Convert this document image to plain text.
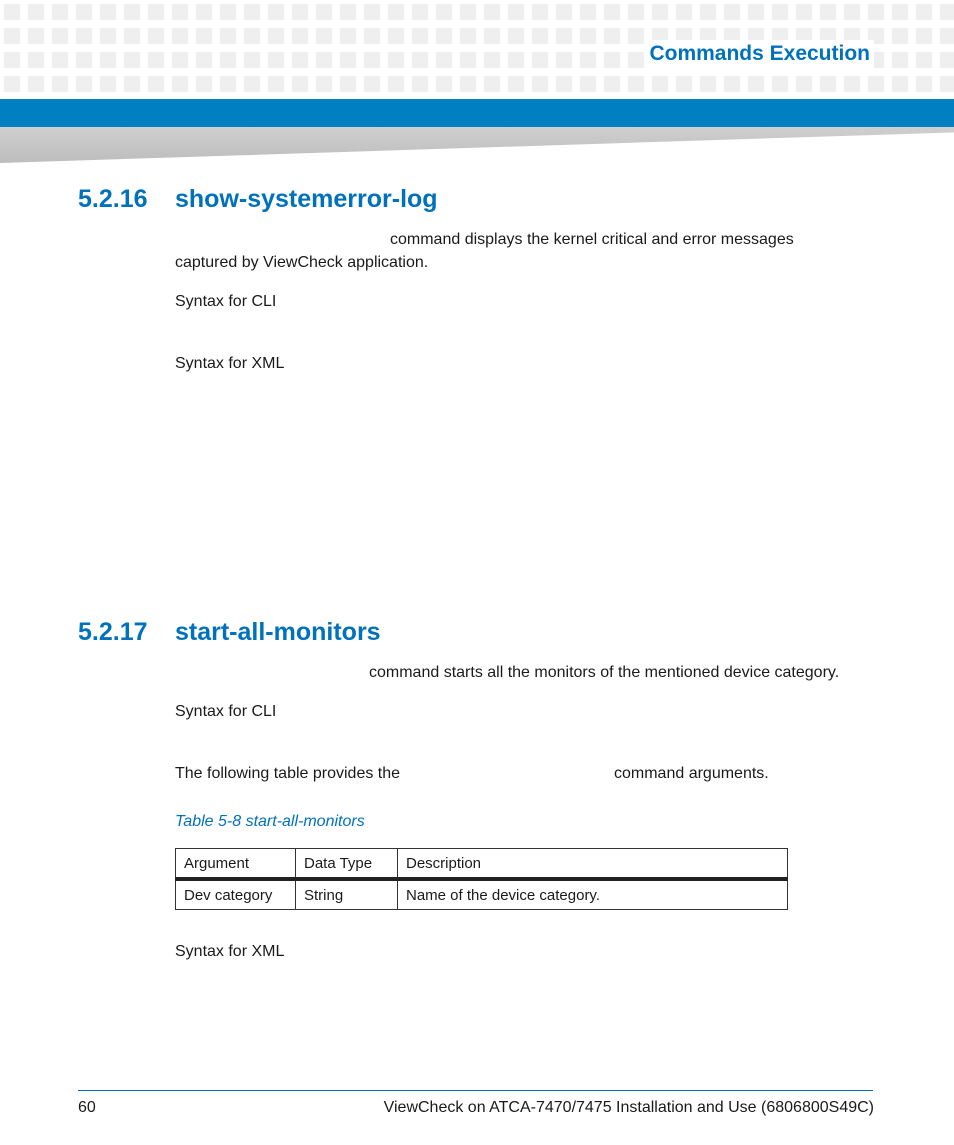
Commands Execution
5.2.16 show-systemerror-log
command displays the kernel critical and error messages
captured by ViewCheck application.
Syntax for CLI
Syntax for XML
5.2.17 start-all-monitors
command starts all the monitors of the mentioned device category.
Syntax for CLI
The following table provides the	command arguments.
Table 5-8 start-all-monitors
Argument	Data Type	Description
Dev category	String	Name of the device category.
Syntax for XML
60	ViewCheck on ATCA-7470/7475 Installation and Use (6806800S49C)
